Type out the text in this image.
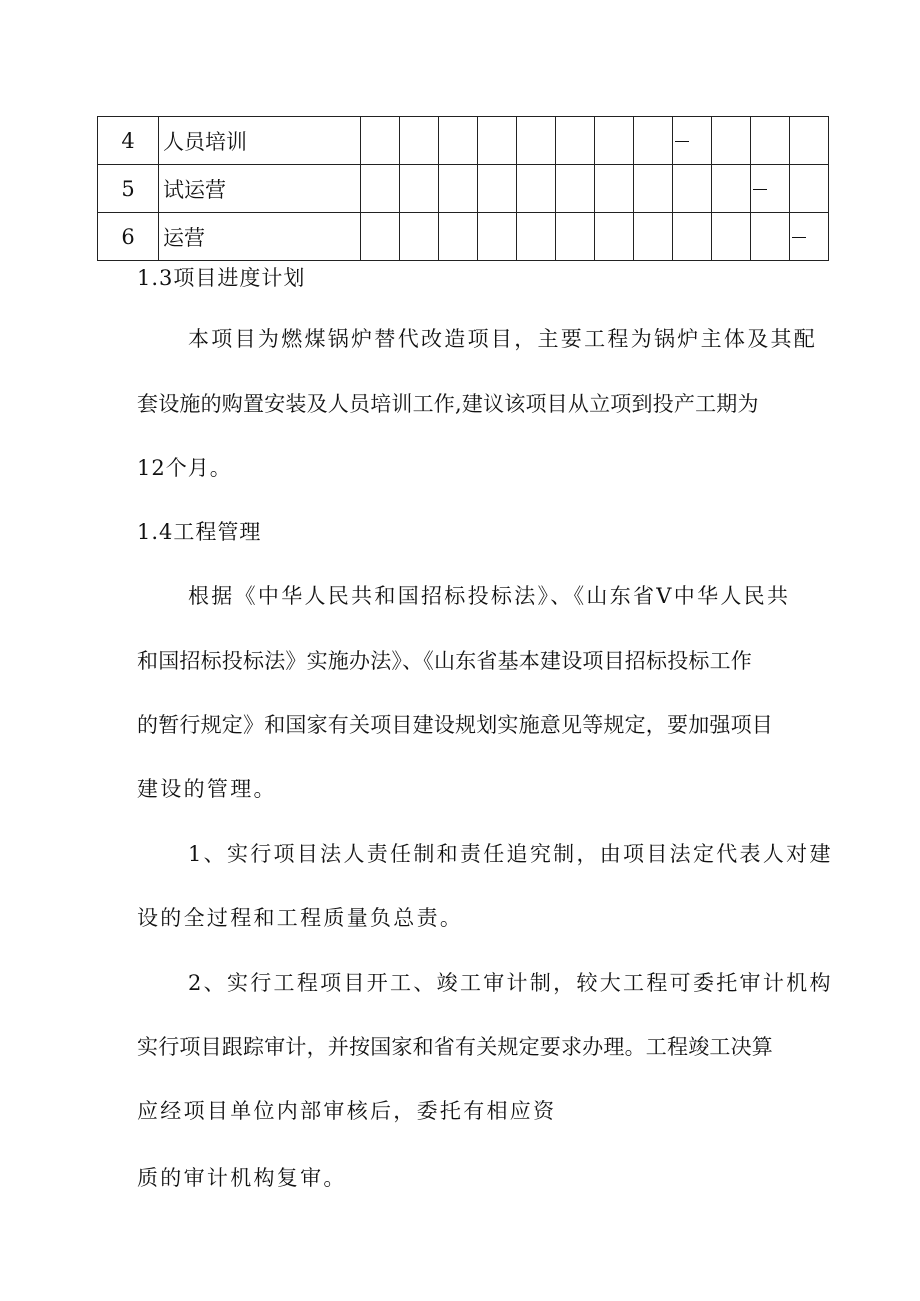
4	人员培训									

5	试运营											

6	运营												
1.3项目进度计划
本项目为燃煤锅炉替代改造项目，主要工程为锅炉主体及其配
套设施的购置安装及人员培训工作,建议该项目从立项到投产工期为
12个月。
1.4工程管理
根据《中华人民共和国招标投标法》、《山东省V中华人民共
和国招标投标法》实施办法》、《山东省基本建设项目招标投标工作
的暂行规定》和国家有关项目建设规划实施意见等规定，要加强项目
建设的管理。
1、实行项目法人责任制和责任追究制，由项目法定代表人对建
设的全过程和工程质量负总责。
2、实行工程项目开工、竣工审计制，较大工程可委托审计机构
实行项目跟踪审计，并按国家和省有关规定要求办理。工程竣工决算
应经项目单位内部审核后，委托有相应资
质的审计机构复审。
